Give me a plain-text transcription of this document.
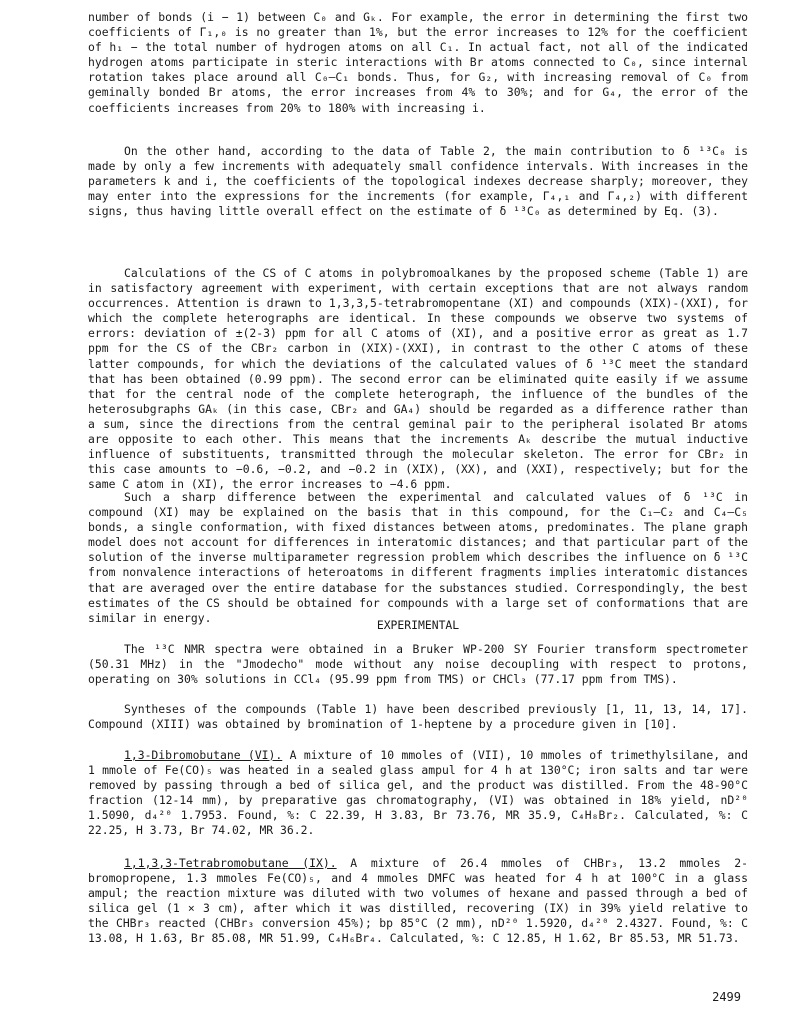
number of bonds (i − 1) between C₀ and Gₖ. For example, the error in determining the first two coefficients of Γ₁,₀ is no greater than 1%, but the error increases to 12% for the coefficient of h₁ − the total number of hydrogen atoms on all C₁. In actual fact, not all of the indicated hydrogen atoms participate in steric interactions with Br atoms connected to C₀, since internal rotation takes place around all C₀–C₁ bonds. Thus, for G₂, with increasing removal of C₀ from geminally bonded Br atoms, the error increases from 4% to 30%; and for G₄, the error of the coefficients increases from 20% to 180% with increasing i.

On the other hand, according to the data of Table 2, the main contribution to δ ¹³C₀ is made by only a few increments with adequately small confidence intervals. With increases in the parameters k and i, the coefficients of the topological indexes decrease sharply; moreover, they may enter into the expressions for the increments (for example, Γ₄,₁ and Γ₄,₂) with different signs, thus having little overall effect on the estimate of δ ¹³C₀ as determined by Eq. (3).

Calculations of the CS of C atoms in polybromoalkanes by the proposed scheme (Table 1) are in satisfactory agreement with experiment, with certain exceptions that are not always random occurrences. Attention is drawn to 1,3,3,5-tetrabromopentane (XI) and compounds (XIX)-(XXI), for which the complete heterographs are identical. In these compounds we observe two systems of errors: deviation of ±(2-3) ppm for all C atoms of (XI), and a positive error as great as 1.7 ppm for the CS of the CBr₂ carbon in (XIX)-(XXI), in contrast to the other C atoms of these latter compounds, for which the deviations of the calculated values of δ ¹³C meet the standard that has been obtained (0.99 ppm). The second error can be eliminated quite easily if we assume that for the central node of the complete heterograph, the influence of the bundles of the heterosubgraphs GAₖ (in this case, CBr₂ and GA₄) should be regarded as a difference rather than a sum, since the directions from the central geminal pair to the peripheral isolated Br atoms are opposite to each other. This means that the increments Aₖ describe the mutual inductive influence of substituents, transmitted through the molecular skeleton. The error for CBr₂ in this case amounts to −0.6, −0.2, and −0.2 in (XIX), (XX), and (XXI), respectively; but for the same C atom in (XI), the error increases to −4.6 ppm.

Such a sharp difference between the experimental and calculated values of δ ¹³C in compound (XI) may be explained on the basis that in this compound, for the C₁–C₂ and C₄–C₅ bonds, a single conformation, with fixed distances between atoms, predominates. The plane graph model does not account for differences in interatomic distances; and that particular part of the solution of the inverse multiparameter regression problem which describes the influence on δ ¹³C from nonvalence interactions of heteroatoms in different fragments implies interatomic distances that are averaged over the entire database for the substances studied. Correspondingly, the best estimates of the CS should be obtained for compounds with a large set of conformations that are similar in energy.

EXPERIMENTAL

The ¹³C NMR spectra were obtained in a Bruker WP-200 SY Fourier transform spectrometer (50.31 MHz) in the "Jmodecho" mode without any noise decoupling with respect to protons, operating on 30% solutions in CCl₄ (95.99 ppm from TMS) or CHCl₃ (77.17 ppm from TMS).

Syntheses of the compounds (Table 1) have been described previously [1, 11, 13, 14, 17]. Compound (XIII) was obtained by bromination of 1-heptene by a procedure given in [10].

1,3-Dibromobutane (VI). A mixture of 10 mmoles of (VII), 10 mmoles of trimethylsilane, and 1 mmole of Fe(CO)₅ was heated in a sealed glass ampul for 4 h at 130°C; iron salts and tar were removed by passing through a bed of silica gel, and the product was distilled. From the 48-90°C fraction (12-14 mm), by preparative gas chromatography, (VI) was obtained in 18% yield, nD²⁰ 1.5090, d₄²⁰ 1.7953. Found, %: C 22.39, H 3.83, Br 73.76, MR 35.9, C₄H₈Br₂. Calculated, %: C 22.25, H 3.73, Br 74.02, MR 36.2.

1,1,3,3-Tetrabromobutane (IX). A mixture of 26.4 mmoles of CHBr₃, 13.2 mmoles 2-bromopropene, 1.3 mmoles Fe(CO)₅, and 4 mmoles DMFC was heated for 4 h at 100°C in a glass ampul; the reaction mixture was diluted with two volumes of hexane and passed through a bed of silica gel (1 × 3 cm), after which it was distilled, recovering (IX) in 39% yield relative to the CHBr₃ reacted (CHBr₃ conversion 45%); bp 85°C (2 mm), nD²⁰ 1.5920, d₄²⁰ 2.4327. Found, %: C 13.08, H 1.63, Br 85.08, MR 51.99, C₄H₆Br₄. Calculated, %: C 12.85, H 1.62, Br 85.53, MR 51.73.

2499
